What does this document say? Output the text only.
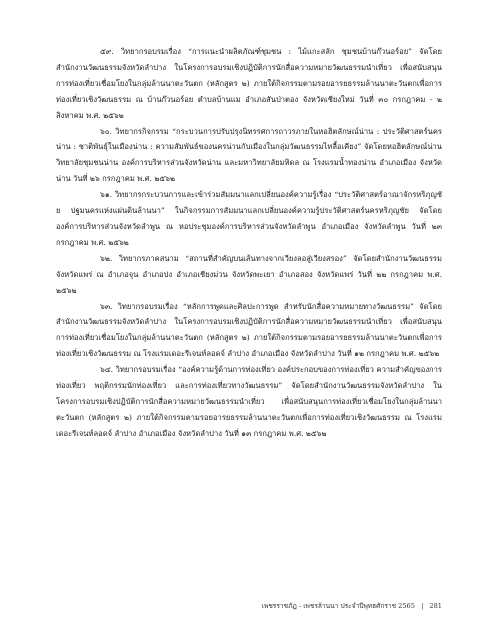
๕๙. วิทยากรอบรมเรื่อง “การแนะนำผลิตภัณฑ์ชุมชน : ไม้แกะสลัก ชุมชนบ้านก๊วนอร์อย” จัดโดยสำนักงานวัฒนธรรมจังหวัดลำปาง ในโครงการอบรมเชิงปฏิบัติการนักสื่อความหมายวัฒนธรรมนำเที่ยว เพื่อสนับสนุนการท่องเที่ยวเชื่อมโยงในกลุ่มล้านนาตะวันตก (หลักสูตร ๒) ภายใต้กิจกรรมตามรอยอารยธรรมล้านนาตะวันตกเพื่อการท่องเที่ยวเชิงวัฒนธรรม ณ บ้านก๊วนอร์อย ตำบลบ้านแม อำเภอสันป่าตอง จังหวัดเชียงใหม่ วันที่ ๓๐ กรกฎาคม - ๒ สิงหาคม พ.ศ. ๒๕๖๒

๖๐. วิทยากรกิจกรรม “กระบวนการปรับปรุงนิทรรศการถาวรภายในหอฮิตลักษณ์น่าน : ประวัติศาสตร์นครน่าน : ชาติพันธุ์ในเมืองน่าน : ความสัมพันธ์ของนครน่านกับเมืองในกลุ่มวัฒนธรรมไทลื้อเคียง” จัดโดยหอฮิตลักษณ์น่าน วิทยาลัยชุมชนน่าน องค์การบริหารส่วนจังหวัดน่าน และมหาวิทยาลัยมหิดล ณ โรงแรมน้ำทองน่าน อำเภอเมือง จังหวัดน่าน วันที่ ๒๖ กรกฎาคม พ.ศ. ๒๕๖๒

๖๑. วิทยากรกระบวนการและเข้าร่วมสัมมนาแลกเปลี่ยนองค์ความรู้เรื่อง “ประวัติศาสตร์อาณาจักรหริภุญชัย ปฐมนครแห่งแผ่นดินล้านนา” ในกิจกรรมการสัมมนาแลกเปลี่ยนองค์ความรู้ประวัติศาสตร์นครหริภุญชัย จัดโดยองค์การบริหารส่วนจังหวัดลำพูน ณ หอประชุมองค์การบริหารส่วนจังหวัดลำพูน อำเภอเมือง จังหวัดลำพูน วันที่ ๒๓ กรกฎาคม พ.ศ. ๒๕๖๒

๖๒. วิทยากรภาคสนาม “สถานที่สำคัญบนเส้นทางจากเวียงลอสู่เวียงสรอง” จัดโดยสำนักงานวัฒนธรรมจังหวัดแพร่ ณ อำเภอจุน อำเภอปง อำเภอเชียงม่วน จังหวัดพะเยา อำเภอสอง จังหวัดแพร่ วันที่ ๒๒ กรกฎาคม พ.ศ. ๒๕๖๒

๖๓. วิทยากรอบรมเรื่อง “หลักการพูดและศิลปะการพูด สำหรับนักสื่อความหมายทางวัฒนธรรม” จัดโดยสำนักงานวัฒนธรรมจังหวัดลำปาง ในโครงการอบรมเชิงปฏิบัติการนักสื่อความหมายวัฒนธรรมนำเที่ยว เพื่อสนับสนุนการท่องเที่ยวเชื่อมโยงในกลุ่มล้านนาตะวันตก (หลักสูตร ๒) ภายใต้กิจกรรมตามรอยอารยธรรมล้านนาตะวันตกเพื่อการท่องเที่ยวเชิงวัฒนธรรม ณ โรงแรมเดอะรีเจนท์ลอดจ์ ลำปาง อำเภอเมือง จังหวัดลำปาง วันที่ ๑๒ กรกฎาคม พ.ศ. ๒๕๖๒

๖๔. วิทยากรอบรมเรื่อง “องค์ความรู้ด้านการท่องเที่ยว องค์ประกอบของการท่องเที่ยว ความสำคัญของการท่องเที่ยว พฤติกรรมนักท่องเที่ยว และการท่องเที่ยวทางวัฒนธรรม” จัดโดยสำนักงานวัฒนธรรมจังหวัดลำปาง ในโครงการอบรมเชิงปฏิบัติการนักสื่อความหมายวัฒนธรรมนำเที่ยว เพื่อสนับสนุนการท่องเที่ยวเชื่อมโยงในกลุ่มล้านนาตะวันตก (หลักสูตร ๒) ภายใต้กิจกรรมตามรอยอารยธรรมล้านนาตะวันตกเพื่อการท่องเที่ยวเชิงวัฒนธรรม ณ โรงแรมเดอะรีเจนท์ลอดจ์ ลำปาง อำเภอเมือง จังหวัดลำปาง วันที่ ๑๓ กรกฎาคม พ.ศ. ๒๕๖๒

เพชรราชภัฏ - เพชรล้านนา ประจำปีพุทธศักราช 2565 | 281
